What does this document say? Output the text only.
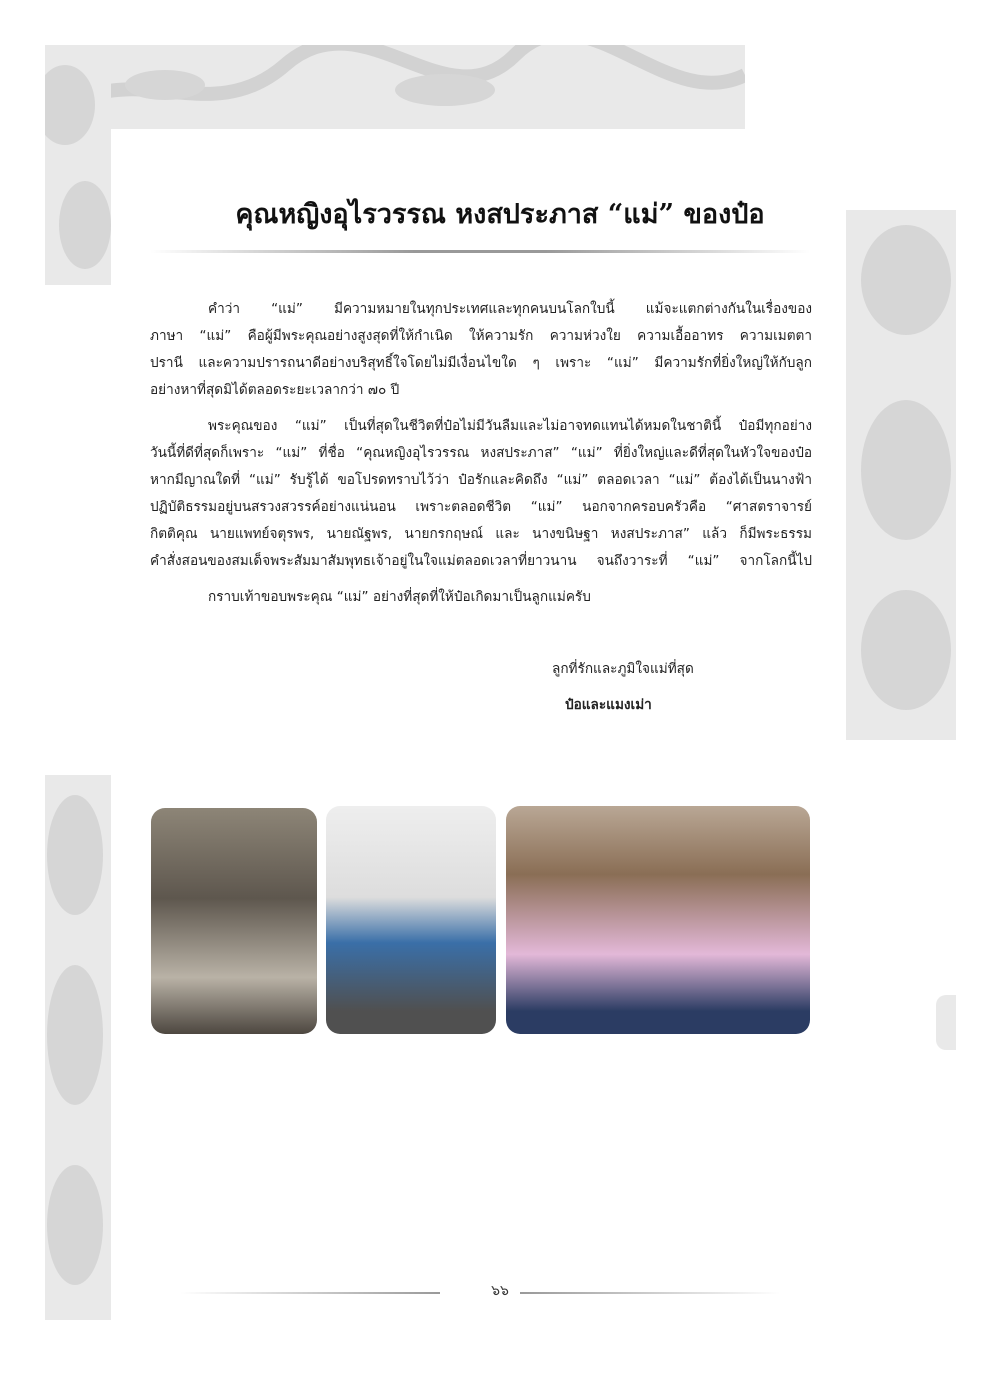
คุณหญิงอุไรวรรณ หงสประภาส “แม่” ของป๋อ
คำว่า “แม่” มีความหมายในทุกประเทศและทุกคนบนโลกใบนี้ แม้จะแตกต่างกันในเรื่องของ
ภาษา “แม่” คือผู้มีพระคุณอย่างสูงสุดที่ให้กำเนิด ให้ความรัก ความห่วงใย ความเอื้ออาทร ความเมตตา
ปรานี และความปรารถนาดีอย่างบริสุทธิ์ใจโดยไม่มีเงื่อนไขใด ๆ เพราะ “แม่” มีความรักที่ยิ่งใหญ่ให้กับลูก
อย่างหาที่สุดมิได้ตลอดระยะเวลากว่า ๗๐ ปี
พระคุณของ “แม่” เป็นที่สุดในชีวิตที่ป๋อไม่มีวันลืมและไม่อาจทดแทนได้หมดในชาตินี้ ป๋อมีทุกอย่าง
วันนี้ที่ดีที่สุดก็เพราะ “แม่” ที่ชื่อ “คุณหญิงอุไรวรรณ หงสประภาส” “แม่” ที่ยิ่งใหญ่และดีที่สุดในหัวใจของป๋อ
หากมีญาณใดที่ “แม่” รับรู้ได้ ขอโปรดทราบไว้ว่า ป๋อรักและคิดถึง “แม่” ตลอดเวลา “แม่” ต้องได้เป็นนางฟ้า
ปฏิบัติธรรมอยู่บนสรวงสวรรค์อย่างแน่นอน เพราะตลอดชีวิต “แม่” นอกจากครอบครัวคือ “ศาสตราจารย์
กิตติคุณ นายแพทย์จตุรพร, นายณัฐพร, นายกรกฤษณ์ และ นางขนิษฐา หงสประภาส” แล้ว ก็มีพระธรรม
คำสั่งสอนของสมเด็จพระสัมมาสัมพุทธเจ้าอยู่ในใจแม่ตลอดเวลาที่ยาวนาน จนถึงวาระที่ “แม่” จากโลกนี้ไป
กราบเท้าขอบพระคุณ “แม่” อย่างที่สุดที่ให้ป๋อเกิดมาเป็นลูกแม่ครับ
ลูกที่รักและภูมิใจแม่ที่สุด
ป๋อและแมงเม่า
๖๖
